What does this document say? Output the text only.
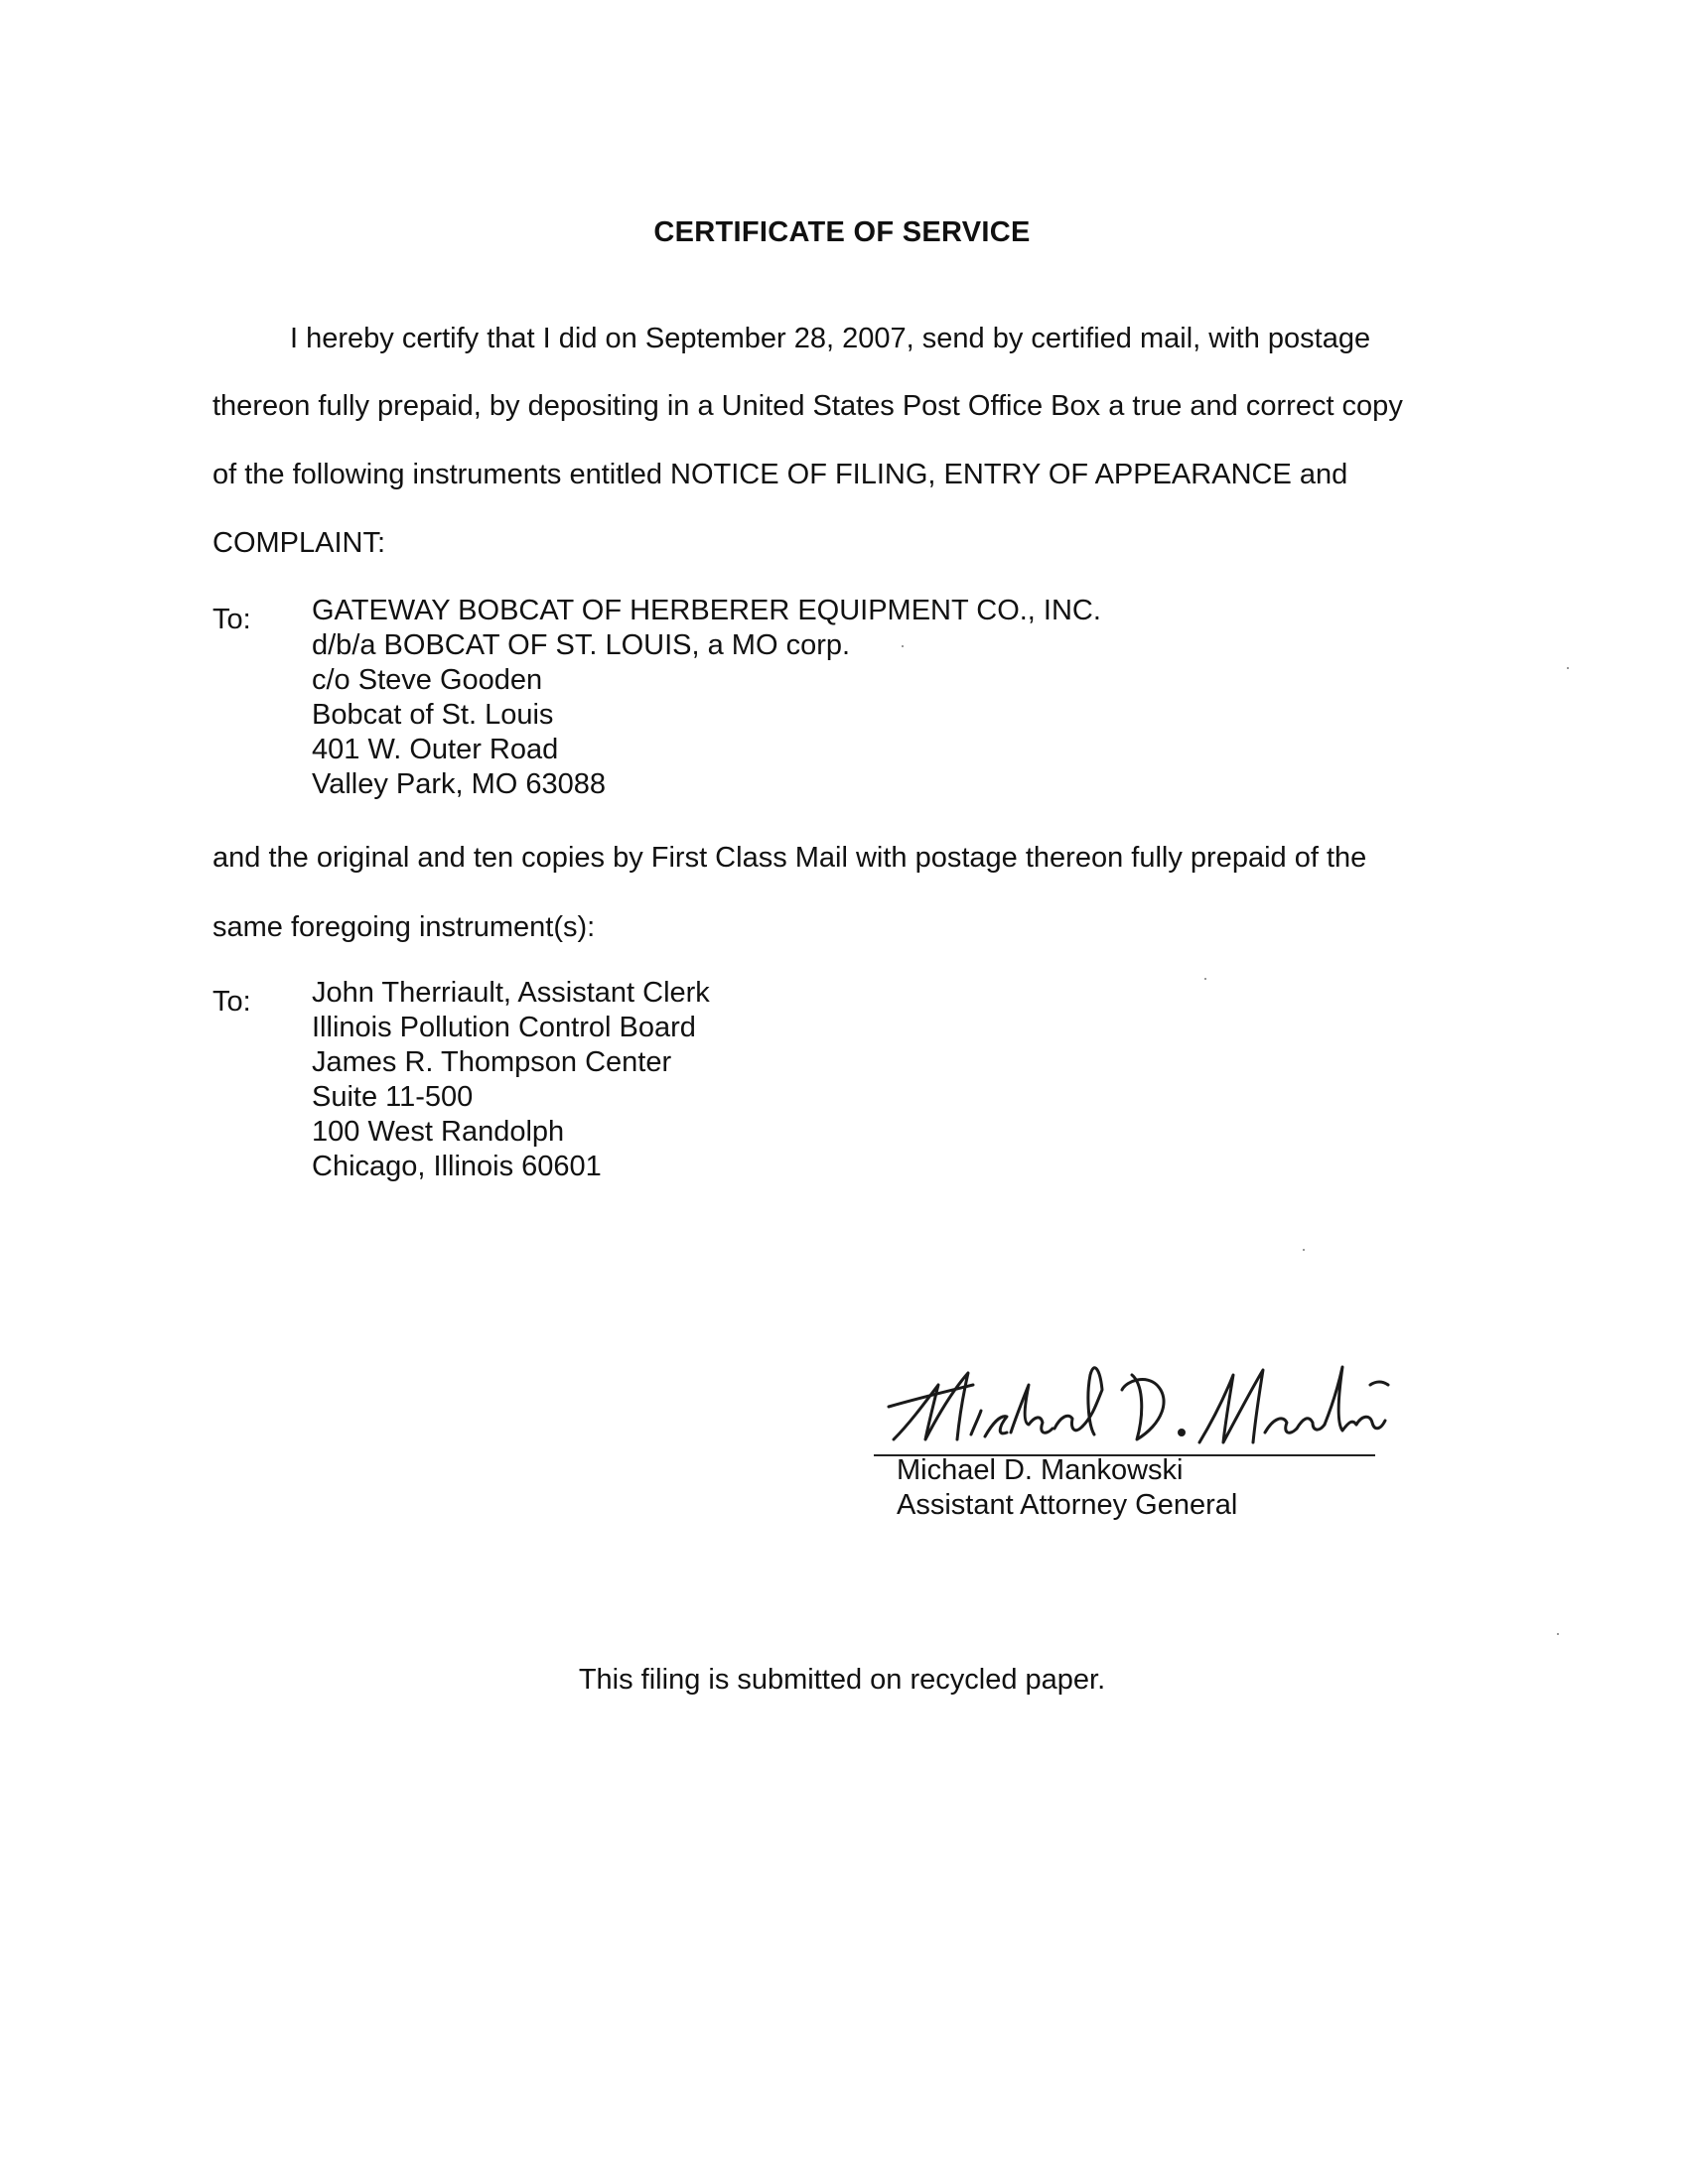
CERTIFICATE OF SERVICE
I hereby certify that I did on September 28, 2007, send by certified mail, with postage
thereon fully prepaid, by depositing in a United States Post Office Box a true and correct copy
of the following instruments entitled NOTICE OF FILING, ENTRY OF APPEARANCE and
COMPLAINT:
To: GATEWAY BOBCAT OF HERBERER EQUIPMENT CO., INC.
d/b/a BOBCAT OF ST. LOUIS, a MO corp.
c/o Steve Gooden
Bobcat of St. Louis
401 W. Outer Road
Valley Park, MO 63088
and the original and ten copies by First Class Mail with postage thereon fully prepaid of the
same foregoing instrument(s):
To: John Therriault, Assistant Clerk
Illinois Pollution Control Board
James R. Thompson Center
Suite 11-500
100 West Randolph
Chicago, Illinois 60601
Michael D. Mankowski
Assistant Attorney General
This filing is submitted on recycled paper.
